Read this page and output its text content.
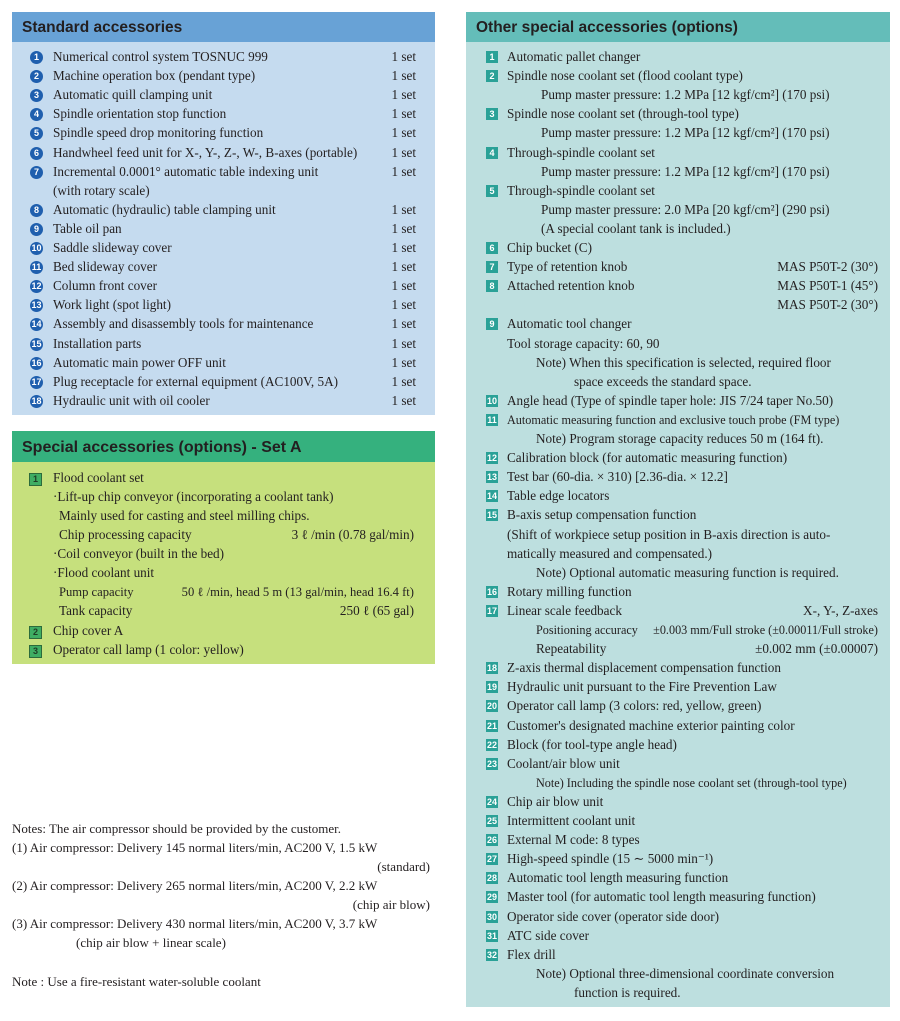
Standard accessories
1	Numerical control system TOSNUC 999	1 set
2	Machine operation box (pendant type)	1 set
3	Automatic quill clamping unit	1 set
4	Spindle orientation stop function	1 set
5	Spindle speed drop monitoring function	1 set
6	Handwheel feed unit for X-, Y-, Z-, W-, B-axes (portable)	1 set
7	Incremental 0.0001° automatic table indexing unit	1 set
(with rotary scale)
8	Automatic (hydraulic) table clamping unit	1 set
9	Table oil pan	1 set
10 Saddle slideway cover	1 set
11 Bed slideway cover	1 set
12 Column front cover	1 set
13 Work light (spot light)	1 set
14 Assembly and disassembly tools for maintenance	1 set
15 Installation parts	1 set
16 Automatic main power OFF unit	1 set
17 Plug receptacle for external equipment (AC100V, 5A)	1 set
18 Hydraulic unit with oil cooler	1 set
Special accessories (options) - Set A
1	Flood coolant set
·Lift-up chip conveyor (incorporating a coolant tank)
Mainly used for casting and steel milling chips.
Chip processing capacity	3 ℓ /min (0.78 gal/min)
·Coil conveyor (built in the bed)
·Flood coolant unit
Pump capacity	50 ℓ /min, head 5 m (13 gal/min, head 16.4 ft)
Tank capacity	250 ℓ (65 gal)
2	Chip cover A
3	Operator call lamp (1 color: yellow)
Notes: The air compressor should be provided by the customer.
(1) Air compressor: Delivery 145 normal liters/min, AC200 V, 1.5 kW
(standard)
(2) Air compressor: Delivery 265 normal liters/min, AC200 V, 2.2 kW
(chip air blow)
(3) Air compressor: Delivery 430 normal liters/min, AC200 V, 3.7 kW
(chip air blow + linear scale)
Note : Use a fire-resistant water-soluble coolant
Other special accessories (options)
1 Automatic pallet changer
2 Spindle nose coolant set (flood coolant type)
Pump master pressure: 1.2 MPa [12 kgf/cm²] (170 psi)
3 Spindle nose coolant set (through-tool type)
Pump master pressure: 1.2 MPa [12 kgf/cm²] (170 psi)
4 Through-spindle coolant set
Pump master pressure: 1.2 MPa [12 kgf/cm²] (170 psi)
5 Through-spindle coolant set
Pump master pressure: 2.0 MPa [20 kgf/cm²] (290 psi)
(A special coolant tank is included.)
6 Chip bucket (C)
7 Type of retention knob	MAS P50T-2 (30°)
8 Attached retention knob	MAS P50T-1 (45°)
MAS P50T-2 (30°)
9 Automatic tool changer
Tool storage capacity: 60, 90
Note) When this specification is selected, required floor
space exceeds the standard space.
10 Angle head (Type of spindle taper hole: JIS 7/24 taper No.50)
11 Automatic measuring function and exclusive touch probe (FM type)
Note) Program storage capacity reduces 50 m (164 ft).
12 Calibration block (for automatic measuring function)
13 Test bar (60-dia. × 310) [2.36-dia. × 12.2]
14 Table edge locators
15 B-axis setup compensation function
(Shift of workpiece setup position in B-axis direction is auto-
matically measured and compensated.)
Note) Optional automatic measuring function is required.
16 Rotary milling function
17 Linear scale feedback	X-, Y-, Z-axes
Positioning accuracy ±0.003 mm/Full stroke (±0.00011/Full stroke)
Repeatability	±0.002 mm (±0.00007)
18 Z-axis thermal displacement compensation function
19 Hydraulic unit pursuant to the Fire Prevention Law
20 Operator call lamp (3 colors: red, yellow, green)
21 Customer's designated machine exterior painting color
22 Block (for tool-type angle head)
23 Coolant/air blow unit
Note) Including the spindle nose coolant set (through-tool type)
24 Chip air blow unit
25 Intermittent coolant unit
26 External M code: 8 types
27 High-speed spindle (15 ∼ 5000 min⁻¹)
28 Automatic tool length measuring function
29 Master tool (for automatic tool length measuring function)
30 Operator side cover (operator side door)
31 ATC side cover
32 Flex drill
Note) Optional three-dimensional coordinate conversion
function is required.
